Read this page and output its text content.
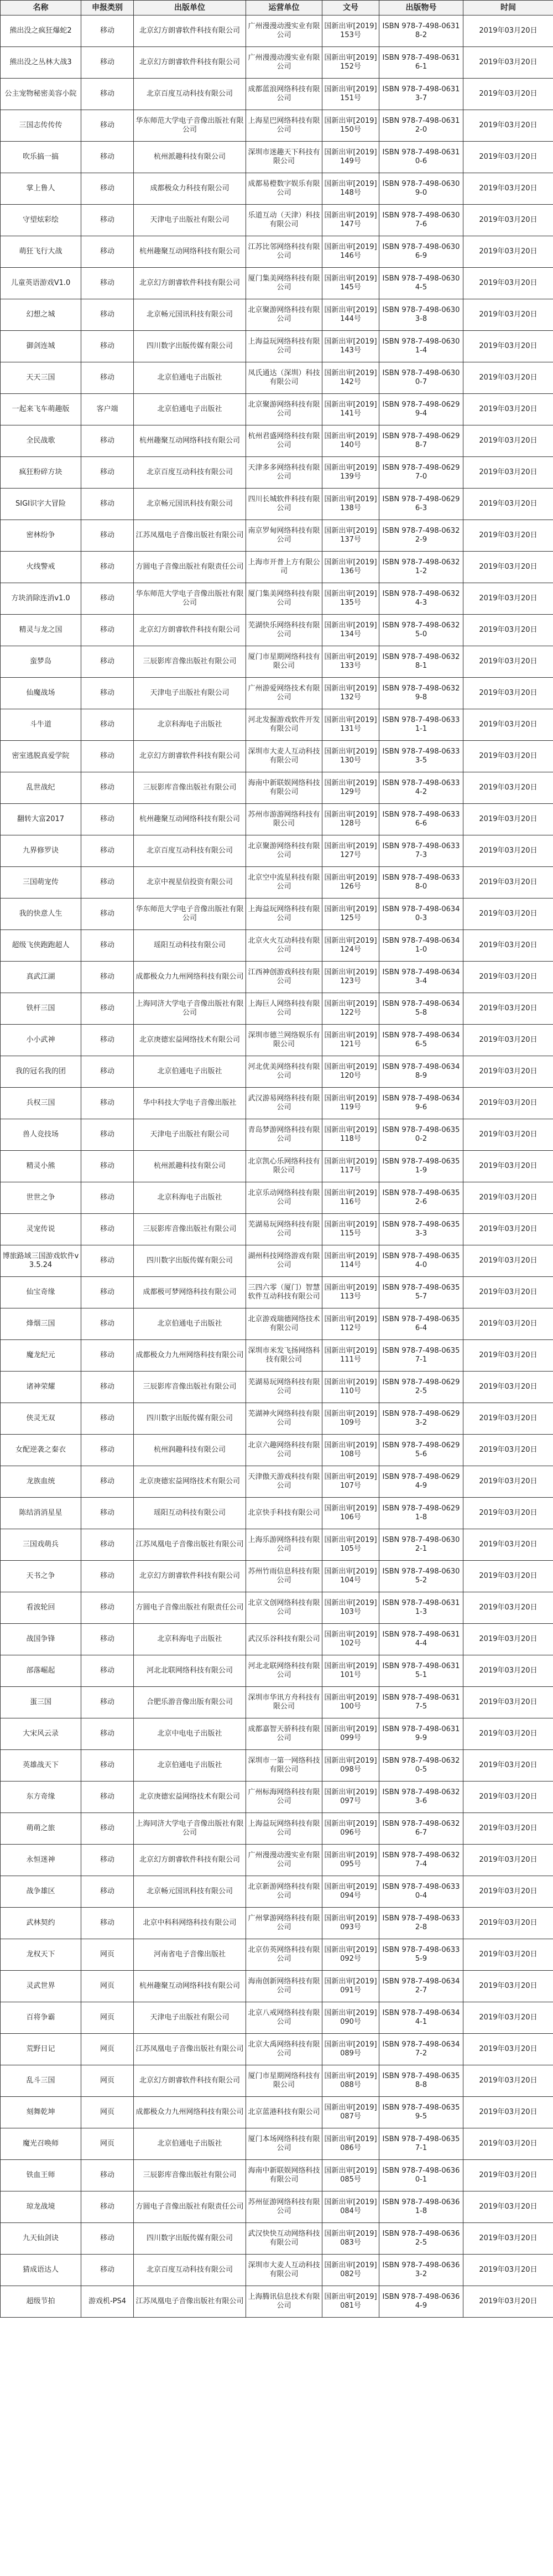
名称	申报类别	出版单位	运营单位	文号	出版物号	时间
熊出没之疯狂爆蛇2	移动	北京幻方朗睿软件科技有限公司	广州漫漫动漫实业有限公司	国新出审[2019]153号	ISBN 978-7-498-06318-2	2019年03月20日
熊出没之丛林大战3	移动	北京幻方朗睿软件科技有限公司	广州漫漫动漫实业有限公司	国新出审[2019]152号	ISBN 978-7-498-06316-1	2019年03月20日
公主宠物秘密美容小院	移动	北京百度互动科技有限公司	成都蓝浪网络科技有限公司	国新出审[2019]151号	ISBN 978-7-498-06313-7	2019年03月20日
三国志传传传	移动	华东师范大学电子音像出版社有限公司	上海星巴网络科技有限公司	国新出审[2019]150号	ISBN 978-7-498-06312-0	2019年03月20日
吹乐搞一搞	移动	杭州派趣科技有限公司	深圳市迷趣天下科技有限公司	国新出审[2019]149号	ISBN 978-7-498-06310-6	2019年03月20日
掌上鲁人	移动	成都极众力科技有限公司	成都易橙数字娱乐有限公司	国新出审[2019]148号	ISBN 978-7-498-06309-0	2019年03月20日
守望炫彩绘	移动	天津电子出版社有限公司	乐道互动（天津）科技有限公司	国新出审[2019]147号	ISBN 978-7-498-06307-6	2019年03月20日
萌狂飞行大战	移动	杭州趣聚互动网络科技有限公司	江苏比邻网络科技有限公司	国新出审[2019]146号	ISBN 978-7-498-06306-9	2019年03月20日
儿童英语游戏V1.0	移动	北京幻方朗睿软件科技有限公司	厦门集美网络科技有限公司	国新出审[2019]145号	ISBN 978-7-498-06304-5	2019年03月20日
幻想之城	移动	北京畅元国讯科技有限公司	北京聚游网络科技有限公司	国新出审[2019]144号	ISBN 978-7-498-06303-8	2019年03月20日
御剑连城	移动	四川数字出版传媒有限公司	上海益玩网络科技有限公司	国新出审[2019]143号	ISBN 978-7-498-06301-4	2019年03月20日
天天三国	移动	北京伯通电子出版社	凤氏通达（深圳）科技有限公司	国新出审[2019]142号	ISBN 978-7-498-06300-7	2019年03月20日
一起来飞车萌趣版	客户端	北京伯通电子出版社	北京聚游网络科技有限公司	国新出审[2019]141号	ISBN 978-7-498-06299-4	2019年03月20日
全民战歌	移动	杭州趣聚互动网络科技有限公司	杭州君盛网络科技有限公司	国新出审[2019]140号	ISBN 978-7-498-06298-7	2019年03月20日
疯狂粉碎方块	移动	北京百度互动科技有限公司	天津多多网络科技有限公司	国新出审[2019]139号	ISBN 978-7-498-06297-0	2019年03月20日
SIGI识字大冒险	移动	北京畅元国讯科技有限公司	四川长城软件科技有限公司	国新出审[2019]138号	ISBN 978-7-498-06296-3	2019年03月20日
密林纷争	移动	江苏凤凰电子音像出版社有限公司	南京罗甸网络科技有限公司	国新出审[2019]137号	ISBN 978-7-498-06322-9	2019年03月20日
火线警戒	移动	方圆电子音像出版社有限责任公司	上海市开普上方有限公司	国新出审[2019]136号	ISBN 978-7-498-06321-2	2019年03月20日
方块消除连消v1.0	移动	华东师范大学电子音像出版社有限公司	厦门集美网络科技有限公司	国新出审[2019]135号	ISBN 978-7-498-06324-3	2019年03月20日
精灵与龙之国	移动	北京幻方朗睿软件科技有限公司	芜湖快乐网络科技有限公司	国新出审[2019]134号	ISBN 978-7-498-06325-0	2019年03月20日
蛮梦岛	移动	三辰影库音像出版社有限公司	厦门市星期网络科技有限公司	国新出审[2019]133号	ISBN 978-7-498-06328-1	2019年03月20日
仙魔战场	移动	天津电子出版社有限公司	广州游爱网络技术有限公司	国新出审[2019]132号	ISBN 978-7-498-06329-8	2019年03月20日
斗牛道	移动	北京科海电子出版社	河北发掘游戏软件开发有限公司	国新出审[2019]131号	ISBN 978-7-498-06331-1	2019年03月20日
密室逃脱真爱学院	移动	北京幻方朗睿软件科技有限公司	深圳市大麦人互动科技有限公司	国新出审[2019]130号	ISBN 978-7-498-06333-5	2019年03月20日
乱世战纪	移动	三辰影库音像出版社有限公司	海南中新联娱网络科技有限公司	国新出审[2019]129号	ISBN 978-7-498-06334-2	2019年03月20日
翻转大富2017	移动	杭州趣聚互动网络科技有限公司	苏州市游游网络科技有限公司	国新出审[2019]128号	ISBN 978-7-498-06336-6	2019年03月20日
九界修罗诀	移动	北京百度互动科技有限公司	北京聚游网络科技有限公司	国新出审[2019]127号	ISBN 978-7-498-06337-3	2019年03月20日
三国萌宠传	移动	北京中视星信投资有限公司	北京空中流星科技有限公司	国新出审[2019]126号	ISBN 978-7-498-06338-0	2019年03月20日
我的快意人生	移动	华东师范大学电子音像出版社有限公司	上海益玩网络科技有限公司	国新出审[2019]125号	ISBN 978-7-498-06340-3	2019年03月20日
超级飞侠跑跑超人	移动	瑶阳互动科技有限公司	北京火火互动科技有限公司	国新出审[2019]124号	ISBN 978-7-498-06341-0	2019年03月20日
真武江湖	移动	成都极众力九州网络科技有限公司	江西神创游戏科技有限公司	国新出审[2019]123号	ISBN 978-7-498-06343-4	2019年03月20日
铁杆三国	移动	上海同济大学电子音像出版社有限公司	上海巨人网络科技有限公司	国新出审[2019]122号	ISBN 978-7-498-06345-8	2019年03月20日
小小武神	移动	北京庚德宏益网络技术有限公司	深圳市德兰网络娱乐有限公司	国新出审[2019]121号	ISBN 978-7-498-06346-5	2019年03月20日
我的冠名我的团	移动	北京伯通电子出版社	河北优美网络科技有限公司	国新出审[2019]120号	ISBN 978-7-498-06348-9	2019年03月20日
兵权三国	移动	华中科技大学电子音像出版社	武汉游易网络科技有限公司	国新出审[2019]119号	ISBN 978-7-498-06349-6	2019年03月20日
兽人竞技场	移动	天津电子出版社有限公司	青岛梦游网络科技有限公司	国新出审[2019]118号	ISBN 978-7-498-06350-2	2019年03月20日
精灵小熊	移动	杭州派趣科技有限公司	北京凯心乐网络科技有限公司	国新出审[2019]117号	ISBN 978-7-498-06351-9	2019年03月20日
世世之争	移动	北京科海电子出版社	北京乐动网络科技有限公司	国新出审[2019]116号	ISBN 978-7-498-06352-6	2019年03月20日
灵宠传说	移动	三辰影库音像出版社有限公司	芜湖易玩网络科技有限公司	国新出审[2019]115号	ISBN 978-7-498-06353-3	2019年03月20日
博旅路域三国游戏软件v3.5.24	移动	四川数字出版传媒有限公司	湖州科技网络游戏有限公司	国新出审[2019]114号	ISBN 978-7-498-06354-0	2019年03月20日
仙宝奇缘	移动	成都极可梦网络科技有限公司	三四六零（厦门）智慧软件互动科技有限公司	国新出审[2019]113号	ISBN 978-7-498-06355-7	2019年03月20日
烽烟三国	移动	北京伯通电子出版社	北京游戏瑞德网络技术有限公司	国新出审[2019]112号	ISBN 978-7-498-06356-4	2019年03月20日
魔龙纪元	移动	成都极众力九州网络科技有限公司	深圳市米发飞扬网络科技有限公司	国新出审[2019]111号	ISBN 978-7-498-06357-1	2019年03月20日
诸神荣耀	移动	三辰影库音像出版社有限公司	芜湖易玩网络科技有限公司	国新出审[2019]110号	ISBN 978-7-498-06292-5	2019年03月20日
侠灵无双	移动	四川数字出版传媒有限公司	芜湖神火网络科技有限公司	国新出审[2019]109号	ISBN 978-7-498-06293-2	2019年03月20日
女配逆袭之秦衣	移动	杭州润趣科技有限公司	北京六趣网络科技有限公司	国新出审[2019]108号	ISBN 978-7-498-06295-6	2019年03月20日
龙族血统	移动	北京庚德宏益网络技术有限公司	天津傲天游戏科技有限公司	国新出审[2019]107号	ISBN 978-7-498-06294-9	2019年03月20日
陈结消消星星	移动	瑶阳互动科技有限公司	北京快手科技有限公司	国新出审[2019]106号	ISBN 978-7-498-06291-8	2019年03月20日
三国戏萌兵	移动	江苏凤凰电子音像出版社有限公司	上海乐游网络科技有限公司	国新出审[2019]105号	ISBN 978-7-498-06302-1	2019年03月20日
天书之争	移动	北京幻方朗睿软件科技有限公司	苏州竹雨信息科技有限公司	国新出审[2019]104号	ISBN 978-7-498-06305-2	2019年03月20日
看波轮回	移动	方圆电子音像出版社有限责任公司	北京文创网络科技有限公司	国新出审[2019]103号	ISBN 978-7-498-06311-3	2019年03月20日
战国争锋	移动	北京科海电子出版社	武汉乐谷科技有限公司	国新出审[2019]102号	ISBN 978-7-498-06314-4	2019年03月20日
部落崛起	移动	河北北联网络科技有限公司	河北北联网络科技有限公司	国新出审[2019]101号	ISBN 978-7-498-06315-1	2019年03月20日
蛋三国	移动	合肥乐游音像出版有限公司	深圳市华讯方舟科技有限公司	国新出审[2019]100号	ISBN 978-7-498-06317-5	2019年03月20日
大宋风云录	移动	北京中电电子出版社	成都嘉智天骄科技有限公司	国新出审[2019]099号	ISBN 978-7-498-06319-9	2019年03月20日
英雄战天下	移动	北京伯通电子出版社	深圳市一第一网络科技有限公司	国新出审[2019]098号	ISBN 978-7-498-06320-5	2019年03月20日
东方奇缘	移动	北京庚德宏益网络技术有限公司	广州标海网络科技有限公司	国新出审[2019]097号	ISBN 978-7-498-06323-6	2019年03月20日
萌萌之旅	移动	上海同济大学电子音像出版社有限公司	上海益玩网络科技有限公司	国新出审[2019]096号	ISBN 978-7-498-06326-7	2019年03月20日
永恒迷神	移动	北京幻方朗睿软件科技有限公司	广州漫漫动漫实业有限公司	国新出审[2019]095号	ISBN 978-7-498-06327-4	2019年03月20日
战争雄区	移动	北京畅元国讯科技有限公司	北京新游网络科技有限公司	国新出审[2019]094号	ISBN 978-7-498-06330-4	2019年03月20日
武林契约	移动	北京中科科网络科技有限公司	广州掌游网络科技有限公司	国新出审[2019]093号	ISBN 978-7-498-06332-8	2019年03月20日
龙权天下	网页	河南省电子音像出版社	北京仿英网络科技有限公司	国新出审[2019]092号	ISBN 978-7-498-06335-9	2019年03月20日
灵武世界	网页	杭州趣聚互动网络科技有限公司	海南创新网络科技有限公司	国新出审[2019]091号	ISBN 978-7-498-06342-7	2019年03月20日
百将争霸	网页	天津电子出版社有限公司	北京八戒网络科技有限公司	国新出审[2019]090号	ISBN 978-7-498-06344-1	2019年03月20日
荒野日记	网页	江苏凤凰电子音像出版社有限公司	北京大禹网络科技有限公司	国新出审[2019]089号	ISBN 978-7-498-06347-2	2019年03月20日
乱斗三国	网页	北京幻方朗睿软件科技有限公司	厦门市星期网络科技有限公司	国新出审[2019]088号	ISBN 978-7-498-06358-8	2019年03月20日
刻舞乾坤	网页	成都极众力九州网络科技有限公司	北京蓝港科技有限公司	国新出审[2019]087号	ISBN 978-7-498-06359-5	2019年03月20日
魔光召唤师	网页	北京伯通电子出版社	厦门本场网络科技有限公司	国新出审[2019]086号	ISBN 978-7-498-06357-1	2019年03月20日
铁血王师	移动	三辰影库音像出版社有限公司	海南中新联娱网络科技有限公司	国新出审[2019]085号	ISBN 978-7-498-06360-1	2019年03月20日
琼龙战境	移动	方圆电子音像出版社有限责任公司	苏州征游网络科技有限公司	国新出审[2019]084号	ISBN 978-7-498-06361-8	2019年03月20日
九天仙剑诀	移动	四川数字出版传媒有限公司	武汉快快互动网络科技有限公司	国新出审[2019]083号	ISBN 978-7-498-06362-5	2019年03月20日
猜成语达人	移动	北京百度互动科技有限公司	深圳市大麦人互动科技有限公司	国新出审[2019]082号	ISBN 978-7-498-06363-2	2019年03月20日
超级节拍	游戏机-PS4	江苏凤凰电子音像出版社有限公司	上海腾讯信息技术有限公司	国新出审[2019]081号	ISBN 978-7-498-06364-9	2019年03月20日
